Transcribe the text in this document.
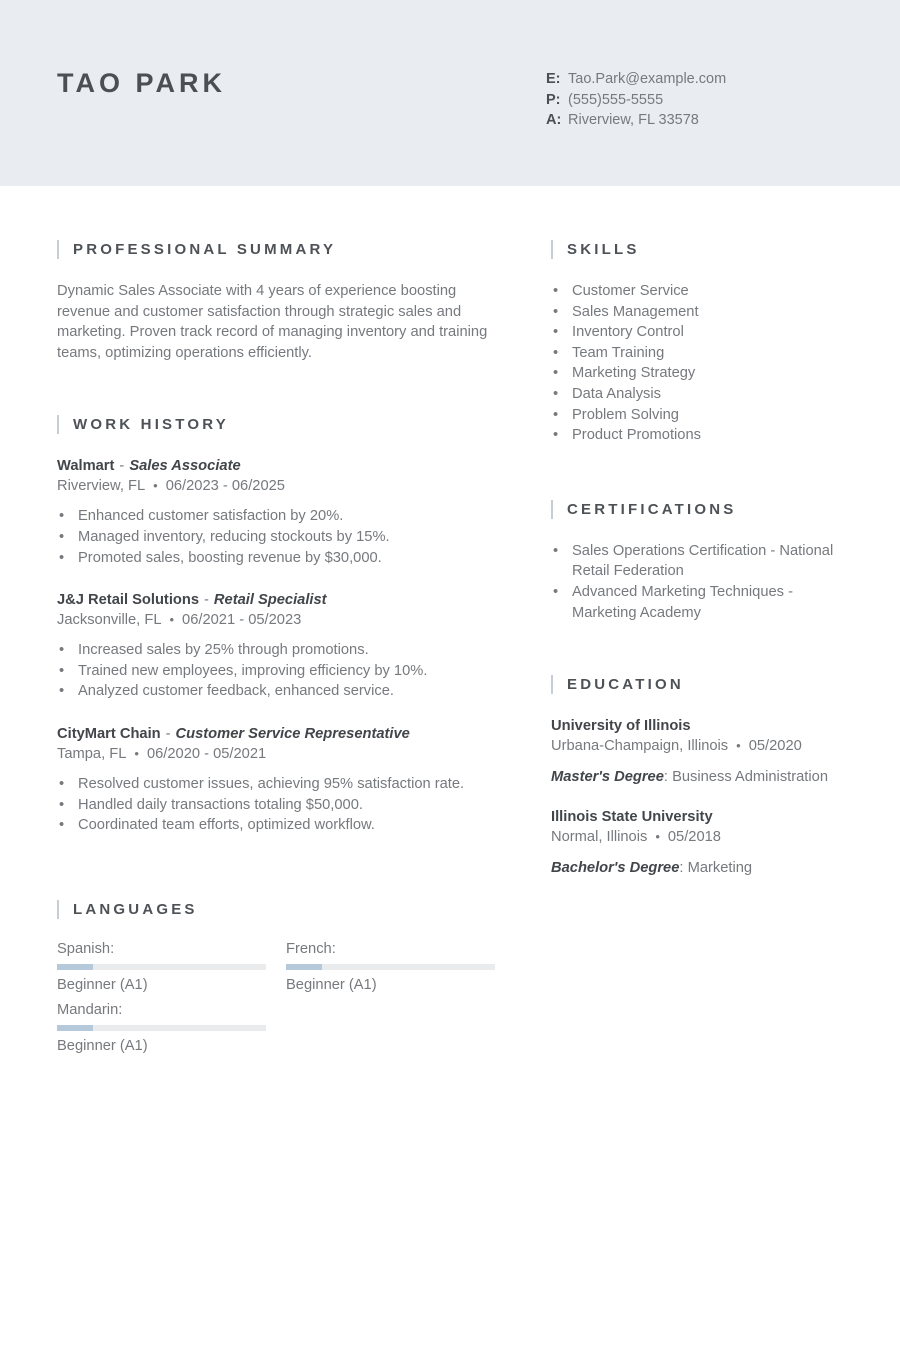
TAO PARK	E: Tao.Park@example.com
P: (555)555-5555
A: Riverview, FL 33578
PROFESSIONAL SUMMARY

Dynamic Sales Associate with 4 years of experience boosting revenue and customer satisfaction through strategic sales and marketing. Proven track record of managing inventory and training teams, optimizing operations efficiently.

WORK HISTORY
Walmart - Sales Associate
Riverview, FL • 06/2023 - 06/2025
• Enhanced customer satisfaction by 20%.
• Managed inventory, reducing stockouts by 15%.
• Promoted sales, boosting revenue by $30,000.
J&J Retail Solutions - Retail Specialist
Jacksonville, FL • 06/2021 - 05/2023
• Increased sales by 25% through promotions.
• Trained new employees, improving efficiency by 10%.
• Analyzed customer feedback, enhanced service.
CityMart Chain - Customer Service Representative
Tampa, FL • 06/2020 - 05/2021
• Resolved customer issues, achieving 95% satisfaction rate.
• Handled daily transactions totaling $50,000.
• Coordinated team efforts, optimized workflow.
LANGUAGES
Spanish:
Beginner (A1)
French:
Beginner (A1)
Mandarin:
Beginner (A1)
SKILLS
• Customer Service
• Sales Management
• Inventory Control
• Team Training
• Marketing Strategy
• Data Analysis
• Problem Solving
• Product Promotions
CERTIFICATIONS
• Sales Operations Certification - National Retail Federation
• Advanced Marketing Techniques - Marketing Academy
EDUCATION
University of Illinois
Urbana-Champaign, Illinois • 05/2020
Master's Degree: Business Administration
Illinois State University
Normal, Illinois • 05/2018
Bachelor's Degree: Marketing
